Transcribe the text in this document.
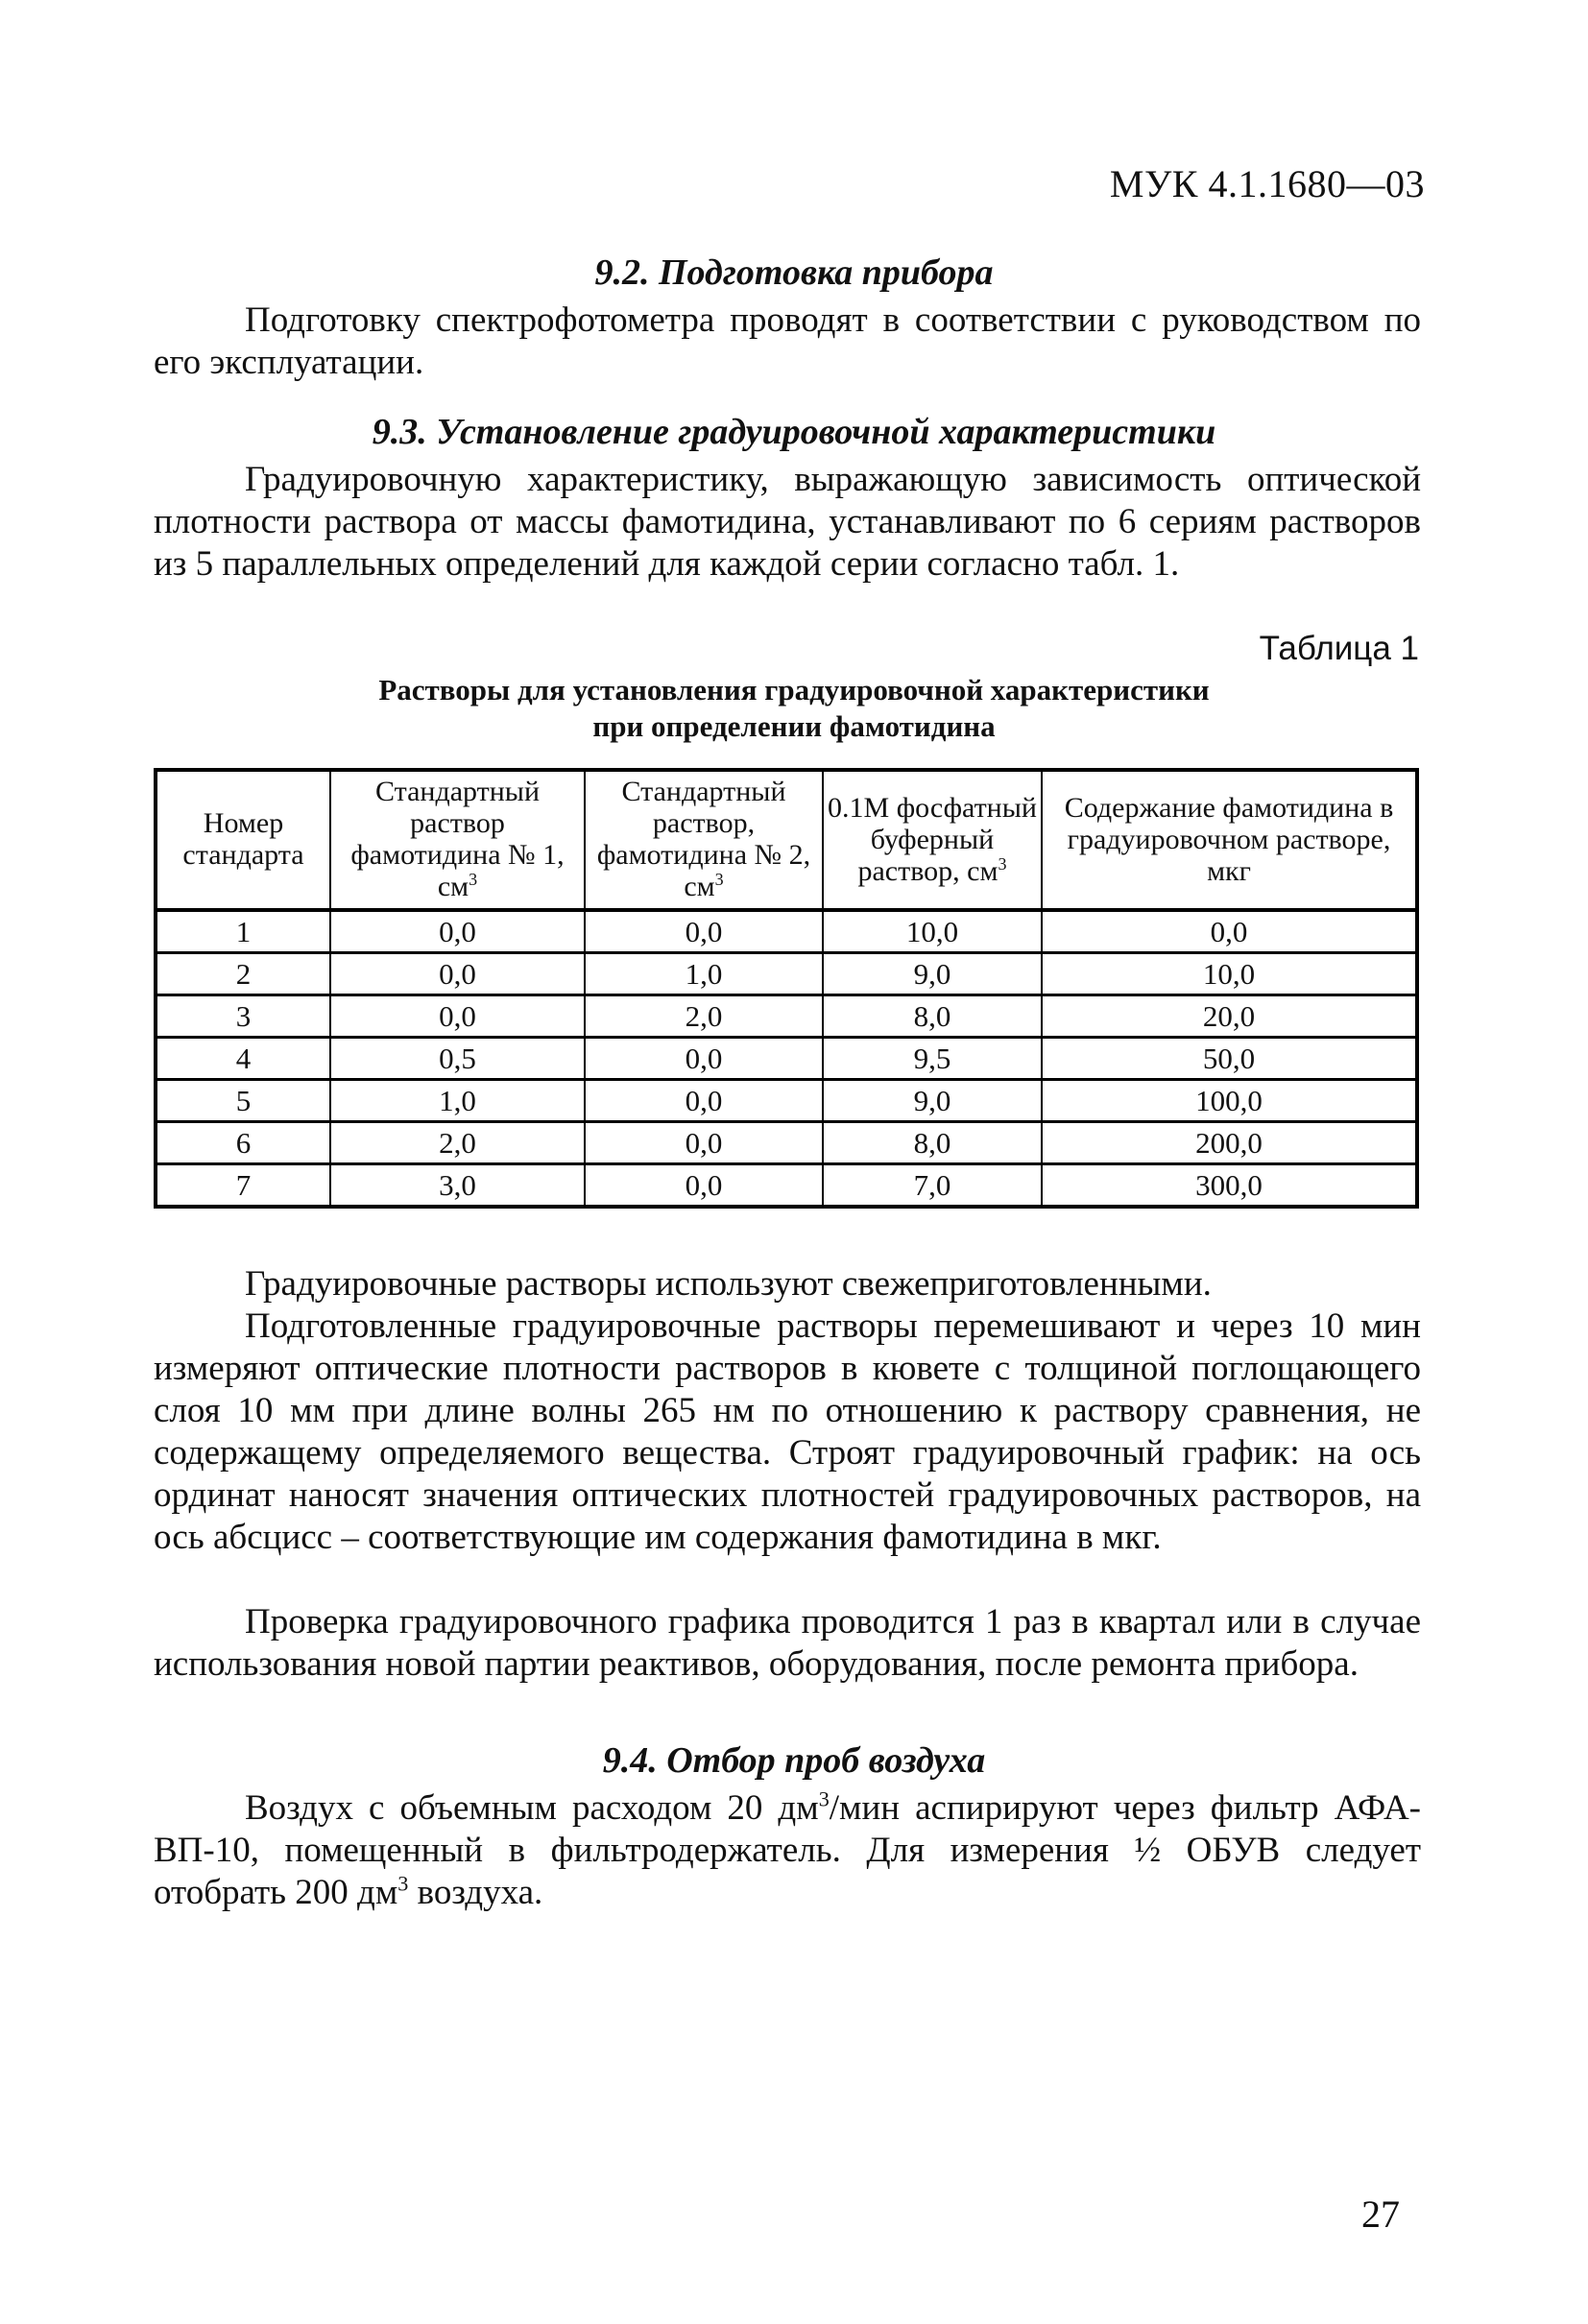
МУК 4.1.1680—03
9.2. Подготовка прибора
Подготовку спектрофотометра проводят в соответствии с руководством по его эксплуатации.
9.3. Установление градуировочной характеристики
Градуировочную характеристику, выражающую зависимость оптической плотности раствора от массы фамотидина, устанавливают по 6 сериям растворов из 5 параллельных определений для каждой серии согласно табл. 1.
Таблица 1
Растворы для установления градуировочной характеристики
при определении фамотидина
Номер стандарта	Стандартный раствор фамотидина № 1, $см^3$	Стандартный раствор, фамотидина № 2, $см^3$	0.1М фосфатный буферный раствор, $см^3$	Содержание фамотидина в градуировочном растворе, мкг
1	0,0	0,0	10,0	0,0
2	0,0	1,0	9,0	10,0
3	0,0	2,0	8,0	20,0
4	0,5	0,0	9,5	50,0
5	1,0	0,0	9,0	100,0
6	2,0	0,0	8,0	200,0
7	3,0	0,0	7,0	300,0
Градуировочные растворы используют свежеприготовленными.
Подготовленные градуировочные растворы перемешивают и через 10 мин измеряют оптические плотности растворов в кювете с толщиной поглощающего слоя 10 мм при длине волны 265 нм по отношению к раствору сравнения, не содержащему определяемого вещества. Строят градуировочный график: на ось ординат наносят значения оптических плотностей градуировочных растворов, на ось абсцисс – соответствующие им содержания фамотидина в мкг.
Проверка градуировочного графика проводится 1 раз в квартал или в случае использования новой партии реактивов, оборудования, после ремонта прибора.
9.4. Отбор проб воздуха
Воздух с объемным расходом 20 $дм^3$/мин аспирируют через фильтр АФА-ВП-10, помещенный в фильтродержатель. Для измерения ½ ОБУВ следует отобрать 200 $дм^3$ воздуха.
27
